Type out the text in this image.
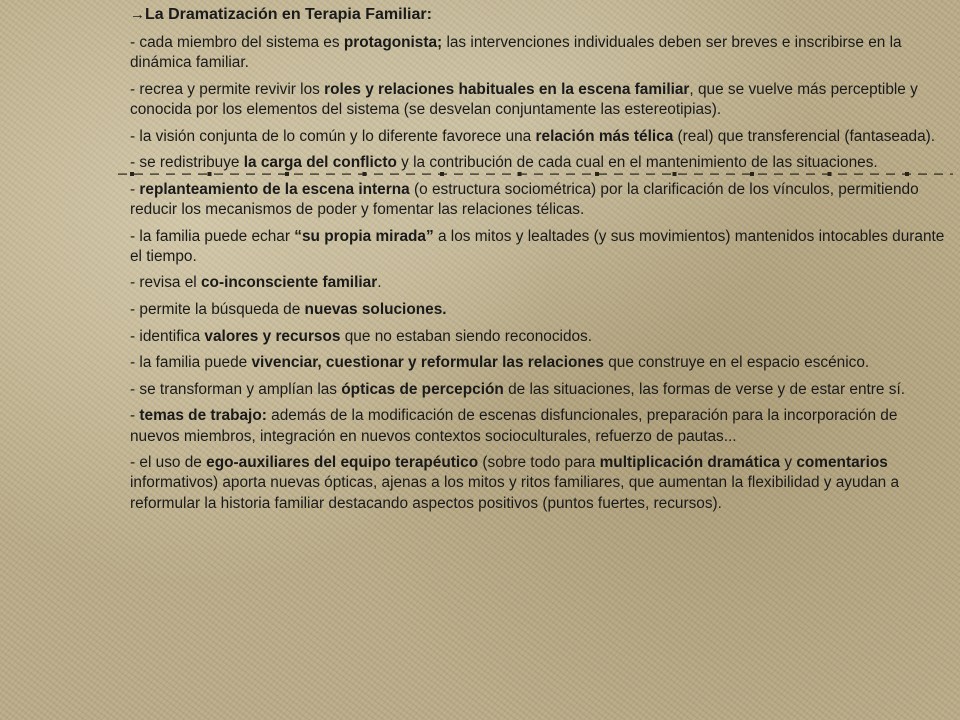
→ La Dramatización en Terapia Familiar:
- cada miembro del sistema es protagonista; las intervenciones individuales deben ser breves e inscribirse en la dinámica familiar.
- recrea y permite revivir los roles y relaciones habituales en la escena familiar, que se vuelve más perceptible y conocida por los elementos del sistema (se desvelan conjuntamente las estereotipias).
- la visión conjunta de lo común y lo diferente favorece una relación más télica (real) que transferencial (fantaseada).
- se redistribuye la carga del conflicto y la contribución de cada cual en el mantenimiento de las situaciones.
- replanteamiento de la escena interna (o estructura sociométrica) por la clarificación de los vínculos, permitiendo reducir los mecanismos de poder y fomentar las relaciones télicas.
- la familia puede echar “su propia mirada” a los mitos y lealtades (y sus movimientos) mantenidos intocables durante el tiempo.
- revisa el co-inconsciente familiar.
- permite la búsqueda de nuevas soluciones.
- identifica valores y recursos que no estaban siendo reconocidos.
- la familia puede vivenciar, cuestionar y reformular las relaciones que construye en el espacio escénico.
- se transforman y amplían las ópticas de percepción de las situaciones, las formas de verse y de estar entre sí.
- temas de trabajo: además de la modificación de escenas disfuncionales, preparación para la incorporación de nuevos miembros, integración en nuevos contextos socioculturales, refuerzo de pautas...
- el uso de ego-auxiliares del equipo terapéutico (sobre todo para multiplicación dramática y comentarios informativos) aporta nuevas ópticas, ajenas a los mitos y ritos familiares, que aumentan la flexibilidad y ayudan a reformular la historia familiar destacando aspectos positivos (puntos fuertes, recursos).
